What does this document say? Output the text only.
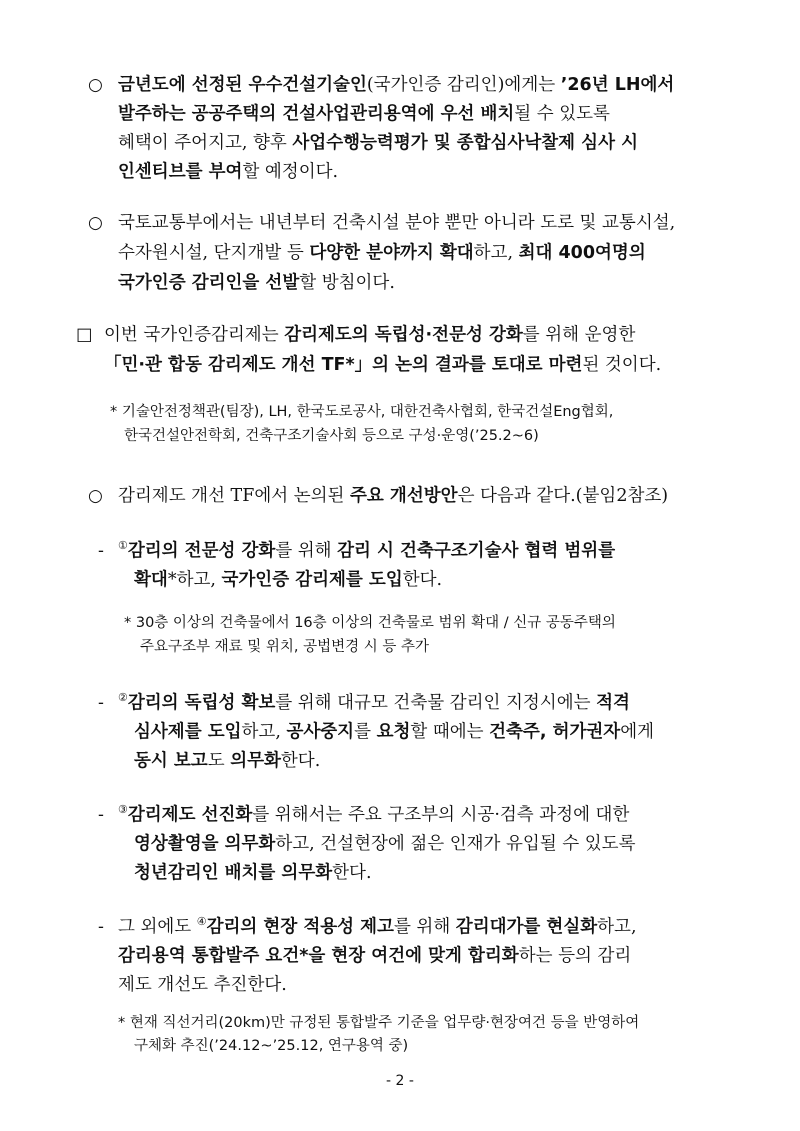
○ 금년도에 선정된 우수건설기술인(국가인증 감리인)에게는 ’26년 LH에서
발주하는 공공주택의 건설사업관리용역에 우선 배치될 수 있도록
혜택이 주어지고, 향후 사업수행능력평가 및 종합심사낙찰제 심사 시
인센티브를 부여할 예정이다.
○ 국토교통부에서는 내년부터 건축시설 분야 뿐만 아니라 도로 및 교통시설,
수자원시설, 단지개발 등 다양한 분야까지 확대하고, 최대 400여명의
국가인증 감리인을 선발할 방침이다.
□ 이번 국가인증감리제는 감리제도의 독립성·전문성 강화를 위해 운영한
「민·관 합동 감리제도 개선 TF*」의 논의 결과를 토대로 마련된 것이다.
* 기술안전정책관(팀장), LH, 한국도로공사, 대한건축사협회, 한국건설Eng협회,
한국건설안전학회, 건축구조기술사회 등으로 구성·운영(’25.2~6)
○ 감리제도 개선 TF에서 논의된 주요 개선방안은 다음과 같다.(붙임2참조)
- ①감리의 전문성 강화를 위해 감리 시 건축구조기술사 협력 범위를
확대*하고, 국가인증 감리제를 도입한다.
* 30층 이상의 건축물에서 16층 이상의 건축물로 범위 확대 / 신규 공동주택의
주요구조부 재료 및 위치, 공법변경 시 등 추가
- ②감리의 독립성 확보를 위해 대규모 건축물 감리인 지정시에는 적격
심사제를 도입하고, 공사중지를 요청할 때에는 건축주, 허가권자에게
동시 보고도 의무화한다.
- ③감리제도 선진화를 위해서는 주요 구조부의 시공·검측 과정에 대한
영상촬영을 의무화하고, 건설현장에 젊은 인재가 유입될 수 있도록
청년감리인 배치를 의무화한다.
- 그 외에도 ④감리의 현장 적용성 제고를 위해 감리대가를 현실화하고,
감리용역 통합발주 요건*을 현장 여건에 맞게 합리화하는 등의 감리
제도 개선도 추진한다.
* 현재 직선거리(20km)만 규정된 통합발주 기준을 업무량·현장여건 등을 반영하여
구체화 추진(’24.12~’25.12, 연구용역 중)
- 2 -
